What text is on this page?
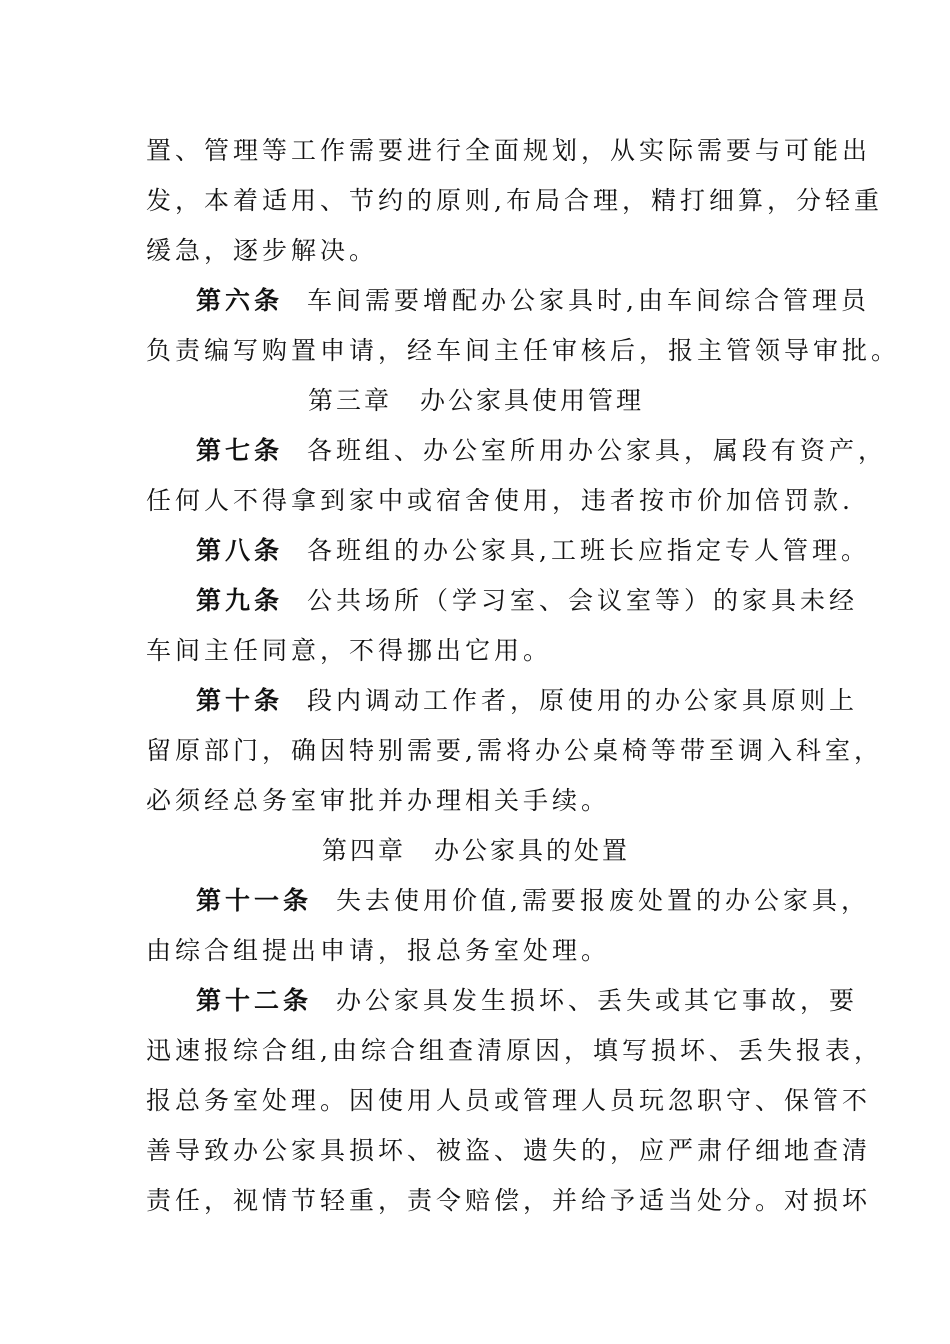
置、管理等工作需要进行全面规划，从实际需要与可能出
发，本着适用、节约的原则,布局合理，精打细算，分轻重
缓急，逐步解决。
第六条 车间需要增配办公家具时,由车间综合管理员
负责编写购置申请，经车间主任审核后，报主管领导审批。
第三章　办公家具使用管理
第七条 各班组、办公室所用办公家具，属段有资产，
任何人不得拿到家中或宿舍使用，违者按市价加倍罚款.
第八条 各班组的办公家具,工班长应指定专人管理。
第九条 公共场所（学习室、会议室等）的家具未经
车间主任同意，不得挪出它用。
第十条 段内调动工作者，原使用的办公家具原则上
留原部门，确因特别需要,需将办公桌椅等带至调入科室，
必须经总务室审批并办理相关手续。
第四章　办公家具的处置
第十一条 失去使用价值,需要报废处置的办公家具，
由综合组提出申请，报总务室处理。
第十二条 办公家具发生损坏、丢失或其它事故，要
迅速报综合组,由综合组查清原因，填写损坏、丢失报表，
报总务室处理。因使用人员或管理人员玩忽职守、保管不
善导致办公家具损坏、被盗、遗失的，应严肃仔细地查清
责任，视情节轻重，责令赔偿，并给予适当处分。对损坏
